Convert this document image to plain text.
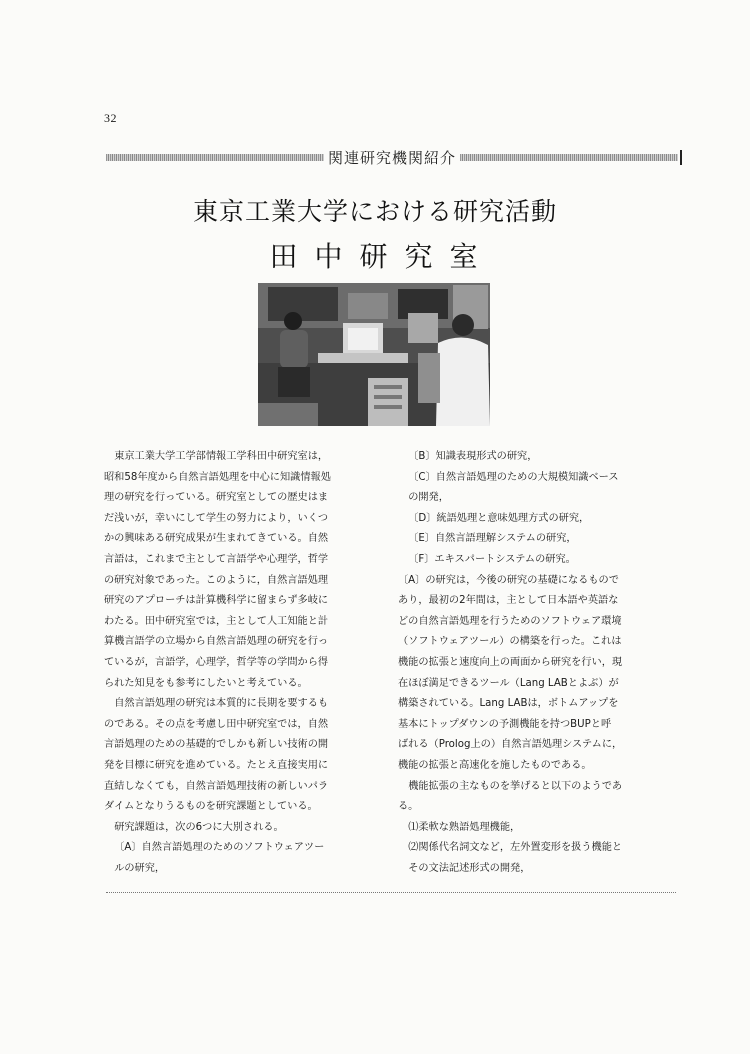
32
関連研究機関紹介
東京工業大学における研究活動
田中研究室

東京工業大学工学部情報工学科田中研究室は，
昭和58年度から自然言語処理を中心に知識情報処
理の研究を行っている。研究室としての歴史はま
だ浅いが，幸いにして学生の努力により，いくつ
かの興味ある研究成果が生まれてきている。自然
言語は，これまで主として言語学や心理学，哲学
の研究対象であった。このように，自然言語処理
研究のアプローチは計算機科学に留まらず多岐に
わたる。田中研究室では，主として人工知能と計
算機言語学の立場から自然言語処理の研究を行っ
ているが，言語学，心理学，哲学等の学問から得
られた知見をも参考にしたいと考えている。

自然言語処理の研究は本質的に長期を要するも
のである。その点を考慮し田中研究室では，自然
言語処理のための基礎的でしかも新しい技術の開
発を目標に研究を進めている。たとえ直接実用に
直結しなくても，自然言語処理技術の新しいパラ
ダイムとなりうるものを研究課題としている。

研究課題は，次の6つに大別される。

〔A〕自然言語処理のためのソフトウェアツー
ルの研究，

〔B〕知識表現形式の研究，

〔C〕自然言語処理のための大規模知識ベース
の開発，

〔D〕統語処理と意味処理方式の研究，

〔E〕自然言語理解システムの研究，

〔F〕エキスパートシステムの研究。

〔A〕の研究は，今後の研究の基礎になるもので
あり，最初の2年間は，主として日本語や英語な
どの自然言語処理を行うためのソフトウェア環境
（ソフトウェアツール）の構築を行った。これは
機能の拡張と速度向上の両面から研究を行い，現
在ほぼ満足できるツール（Lang LABとよぶ）が
構築されている。Lang LABは，ボトムアップを
基本にトップダウンの予測機能を持つBUPと呼
ばれる（Prolog上の）自然言語処理システムに，
機能の拡張と高速化を施したものである。

機能拡張の主なものを挙げると以下のようであ
る。

⑴柔軟な熟語処理機能，

⑵関係代名詞文など，左外置変形を扱う機能と
その文法記述形式の開発，
